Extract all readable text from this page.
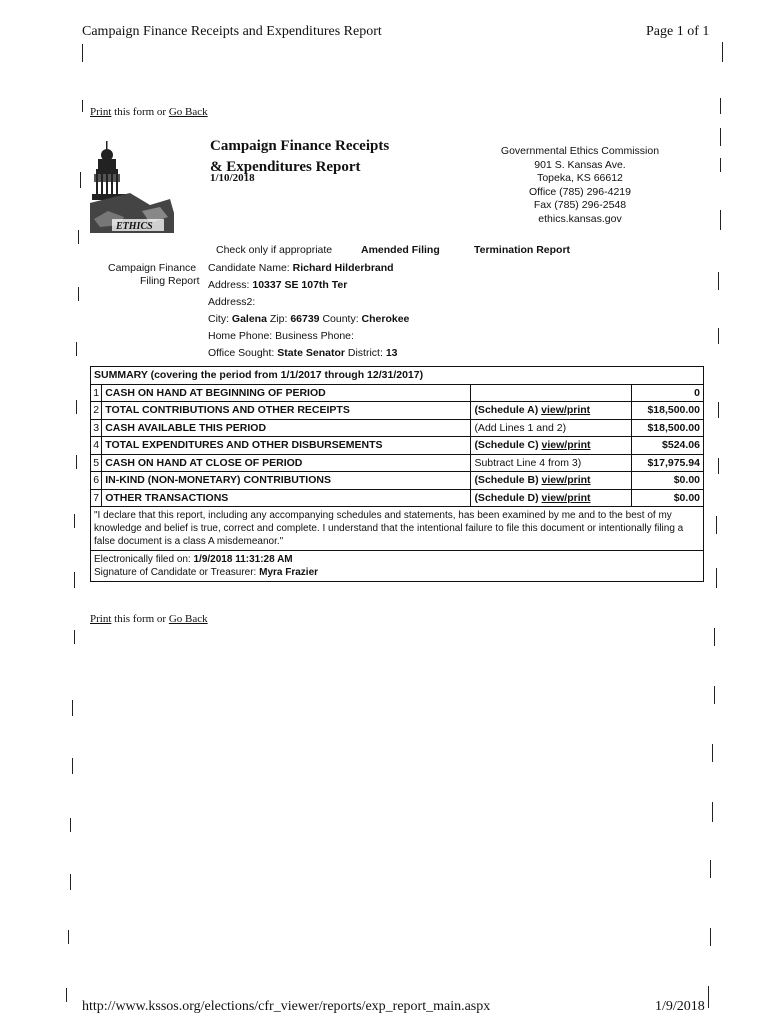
Campaign Finance Receipts and Expenditures Report	Page 1 of 1
Print this form or Go Back
ETHICS
Campaign Finance Receipts
& Expenditures Report
1/10/2018
Governmental Ethics Commission
901 S. Kansas Ave.
Topeka, KS 66612
Office (785) 296-4219
Fax (785) 296-2548
ethics.kansas.gov
Check only if appropriate	Amended Filing	Termination Report
Campaign Finance
Filing Report
Candidate Name: Richard Hilderbrand
Address: 10337 SE 107th Ter
Address2:
City: Galena Zip: 66739 County: Cherokee
Home Phone: Business Phone:
Office Sought: State Senator District: 13
SUMMARY (covering the period from 1/1/2017 through 12/31/2017)			
1	CASH ON HAND AT BEGINNING OF PERIOD		0
2	TOTAL CONTRIBUTIONS AND OTHER RECEIPTS	(Schedule A) view/print	$18,500.00
3	CASH AVAILABLE THIS PERIOD	(Add Lines 1 and 2)	$18,500.00
4	TOTAL EXPENDITURES AND OTHER DISBURSEMENTS	(Schedule C) view/print	$524.06
5	CASH ON HAND AT CLOSE OF PERIOD	Subtract Line 4 from 3)	$17,975.94
6	IN-KIND (NON-MONETARY) CONTRIBUTIONS	(Schedule B) view/print	$0.00
7	OTHER TRANSACTIONS	(Schedule D) view/print	$0.00
"I declare that this report, including any accompanying schedules and statements, has been examined by me and to the best of my knowledge and belief is true, correct and complete. I understand that the intentional failure to file this document or intentionally filing a false document is a class A misdemeanor."			

Electronically filed on: 1/9/2018 11:31:28 AM
Signature of Candidate or Treasurer: Myra Frazier			
Print this form or Go Back
http://www.kssos.org/elections/cfr_viewer/reports/exp_report_main.aspx	1/9/2018
